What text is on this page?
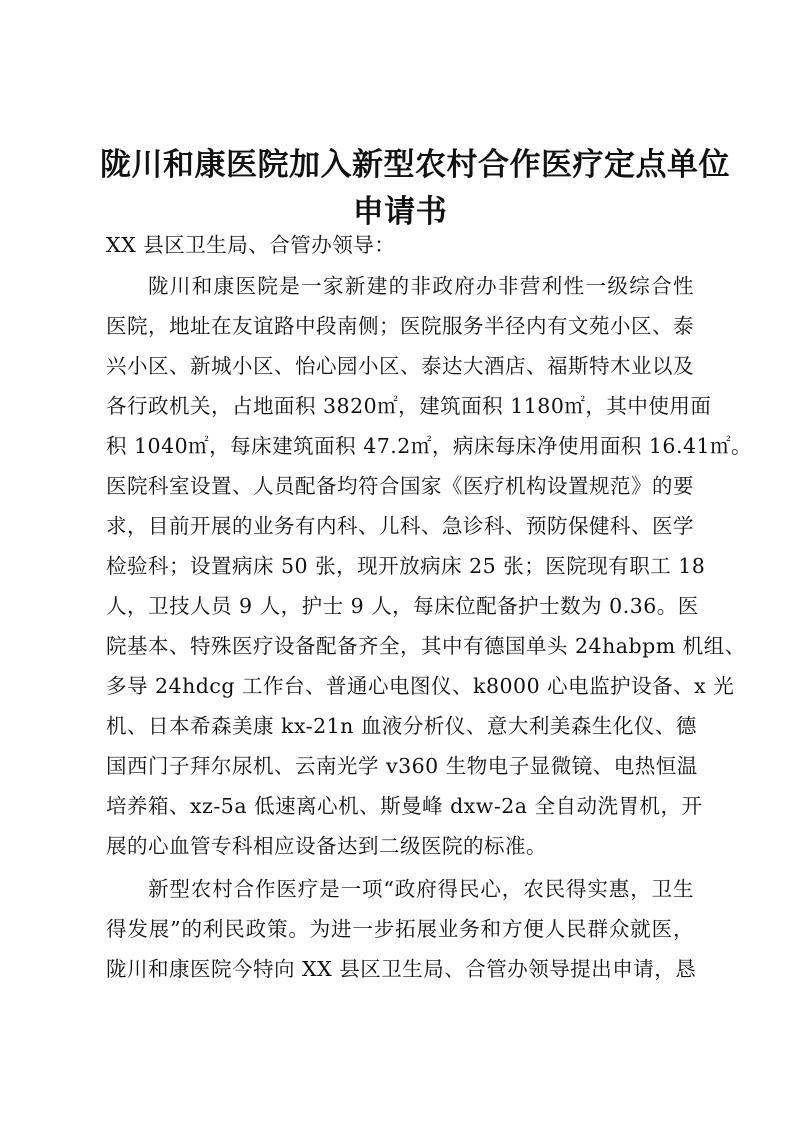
陇川和康医院加入新型农村合作医疗定点单位
申请书
XX 县区卫生局、合管办领导：
陇川和康医院是一家新建的非政府办非营利性一级综合性
医院，地址在友谊路中段南侧；医院服务半径内有文苑小区、泰
兴小区、新城小区、怡心园小区、泰达大酒店、福斯特木业以及
各行政机关，占地面积 3820㎡，建筑面积 1180㎡，其中使用面
积 1040㎡，每床建筑面积 47.2㎡，病床每床净使用面积 16.41㎡。
医院科室设置、人员配备均符合国家《医疗机构设置规范》的要
求，目前开展的业务有内科、儿科、急诊科、预防保健科、医学
检验科；设置病床 50 张，现开放病床 25 张；医院现有职工 18
人，卫技人员 9 人，护士 9 人，每床位配备护士数为 0.36。医
院基本、特殊医疗设备配备齐全，其中有德国单头 24habpm 机组、
多导 24hdcg 工作台、普通心电图仪、k8000 心电监护设备、x 光
机、日本希森美康 kx-21n 血液分析仪、意大利美森生化仪、德
国西门子拜尔尿机、云南光学 v360 生物电子显微镜、电热恒温
培养箱、xz-5a 低速离心机、斯曼峰 dxw-2a 全自动洗胃机，开
展的心血管专科相应设备达到二级医院的标准。
新型农村合作医疗是一项“政府得民心，农民得实惠，卫生
得发展”的利民政策。为进一步拓展业务和方便人民群众就医，
陇川和康医院今特向 XX 县区卫生局、合管办领导提出申请，恳
